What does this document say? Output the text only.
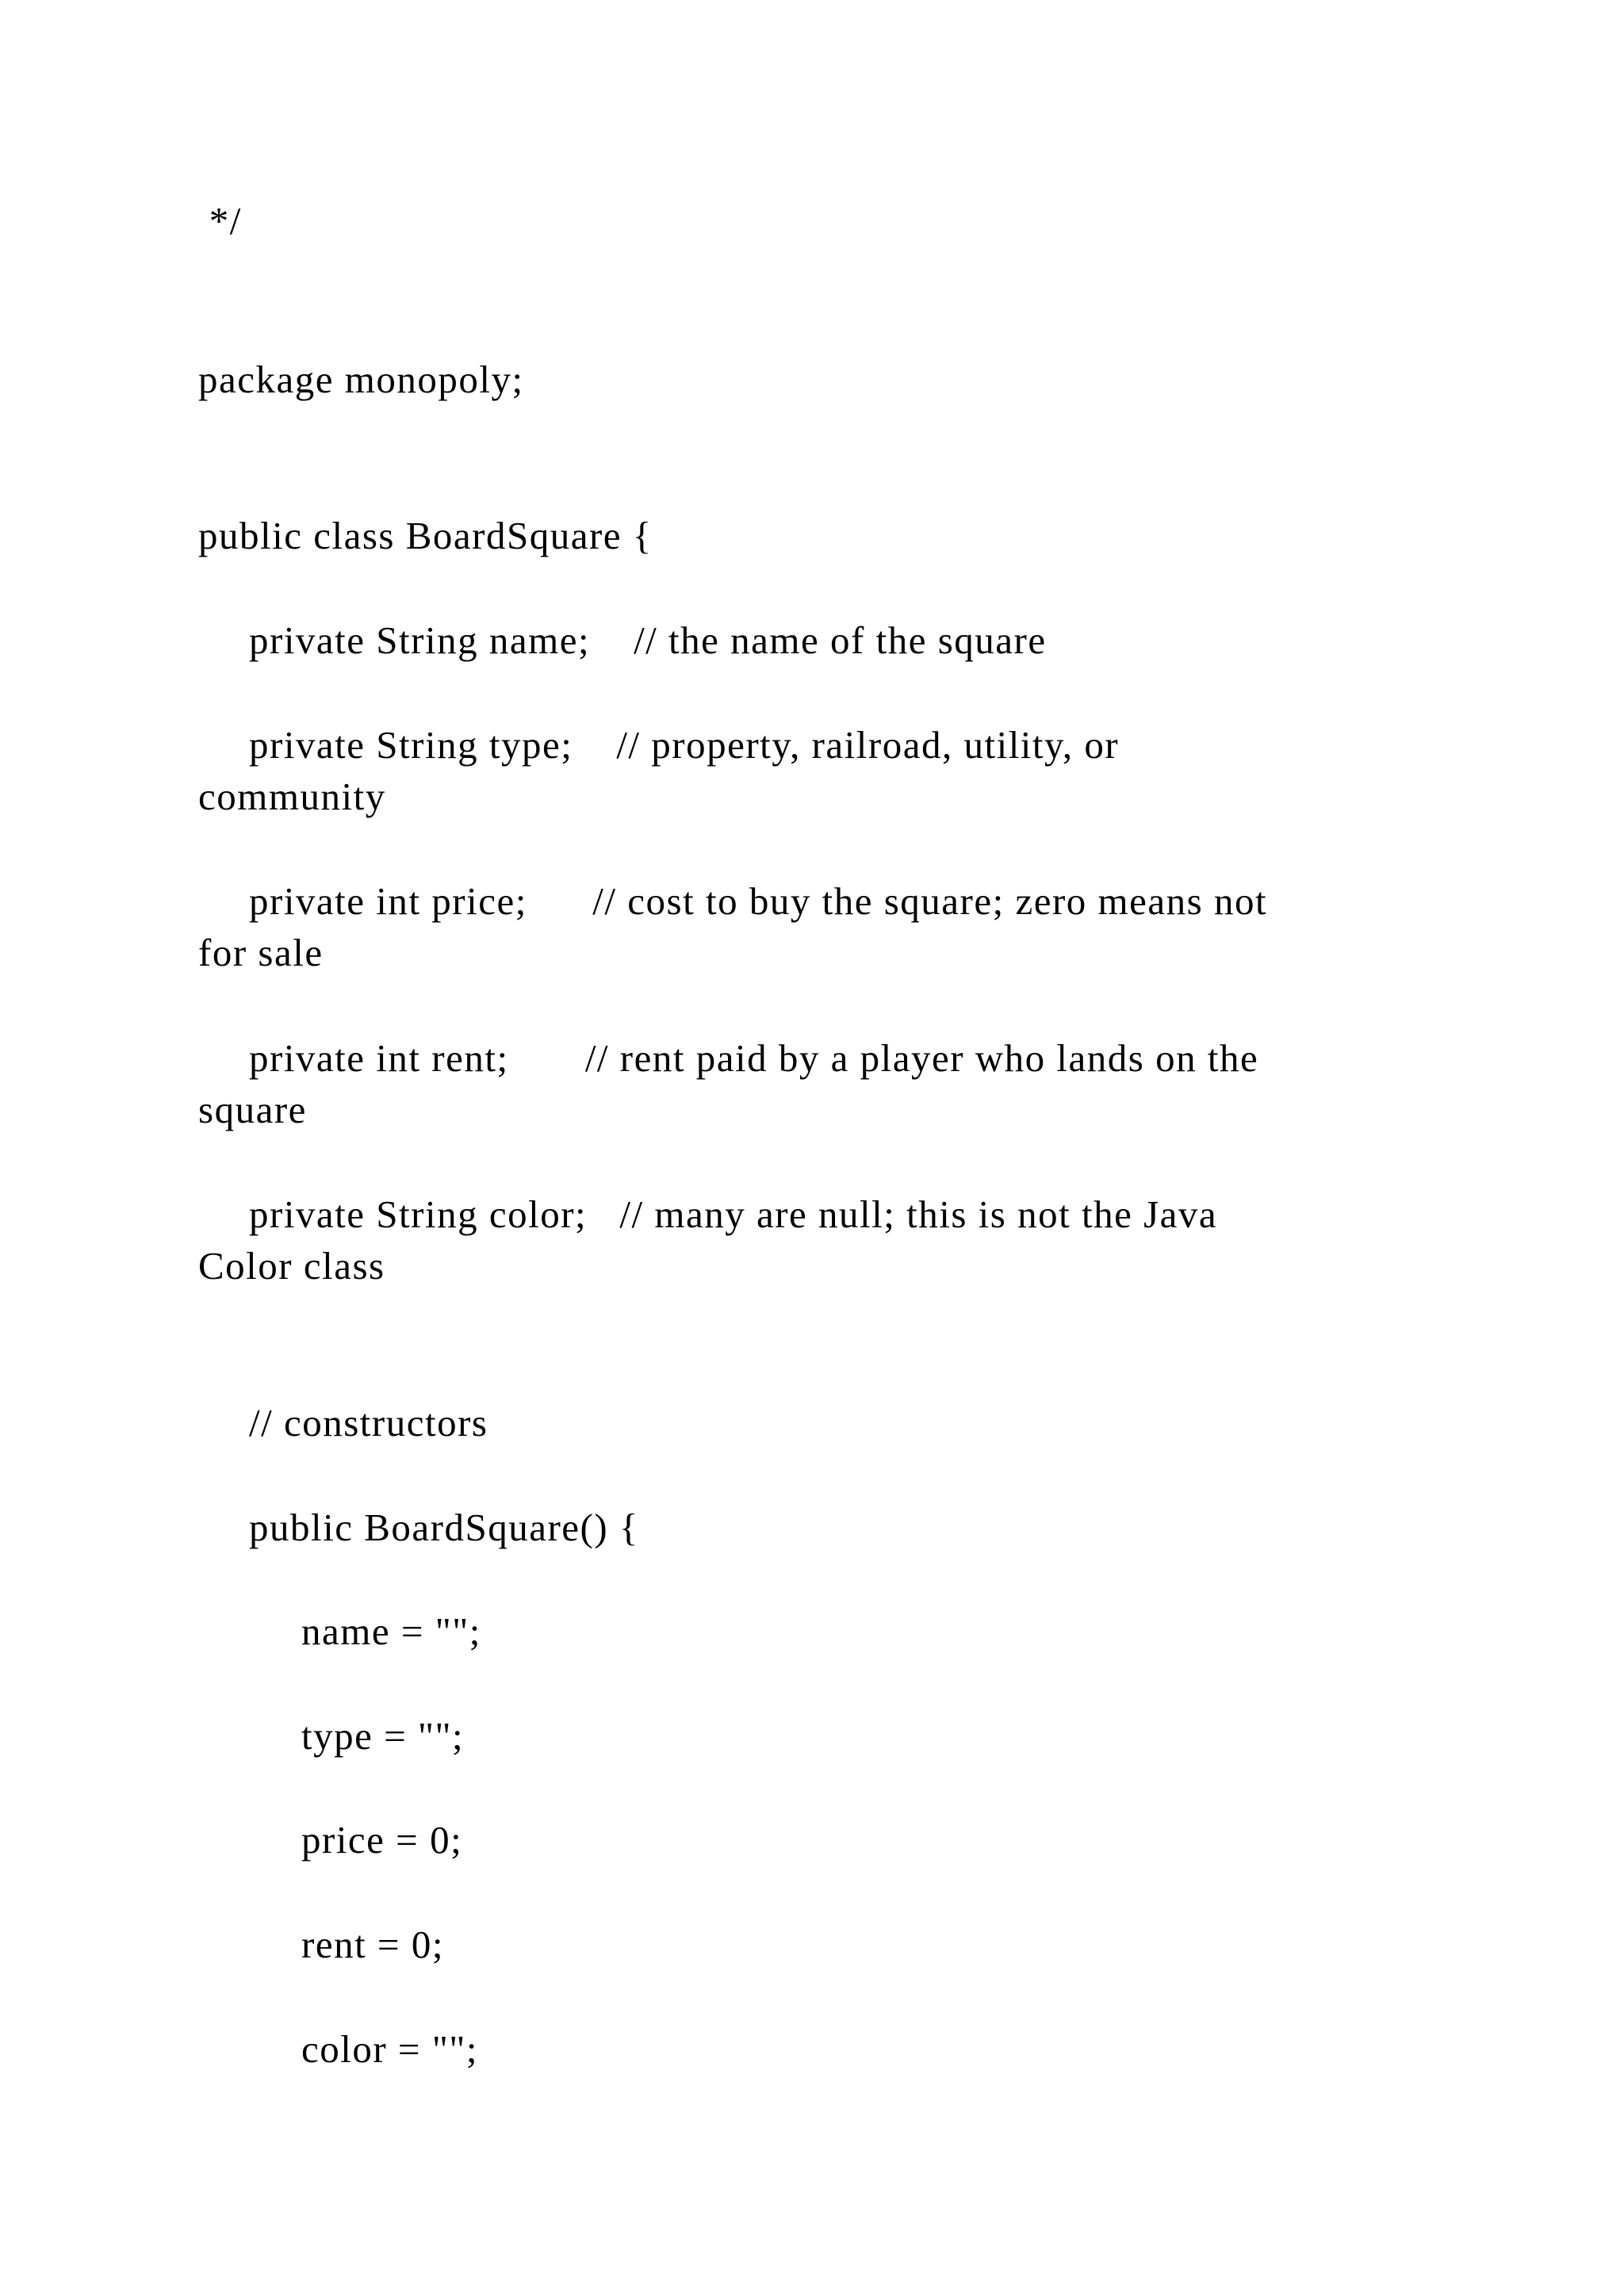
*/

package monopoly;

public class BoardSquare {

private String name;    // the name of the square

private String type;    // property, railroad, utility, or

community

private int price;      // cost to buy the square; zero means not

for sale

private int rent;       // rent paid by a player who lands on the

square

private String color;   // many are null; this is not the Java

Color class

// constructors

public BoardSquare() {

name = "";

type = "";

price = 0;

rent = 0;

color = "";
